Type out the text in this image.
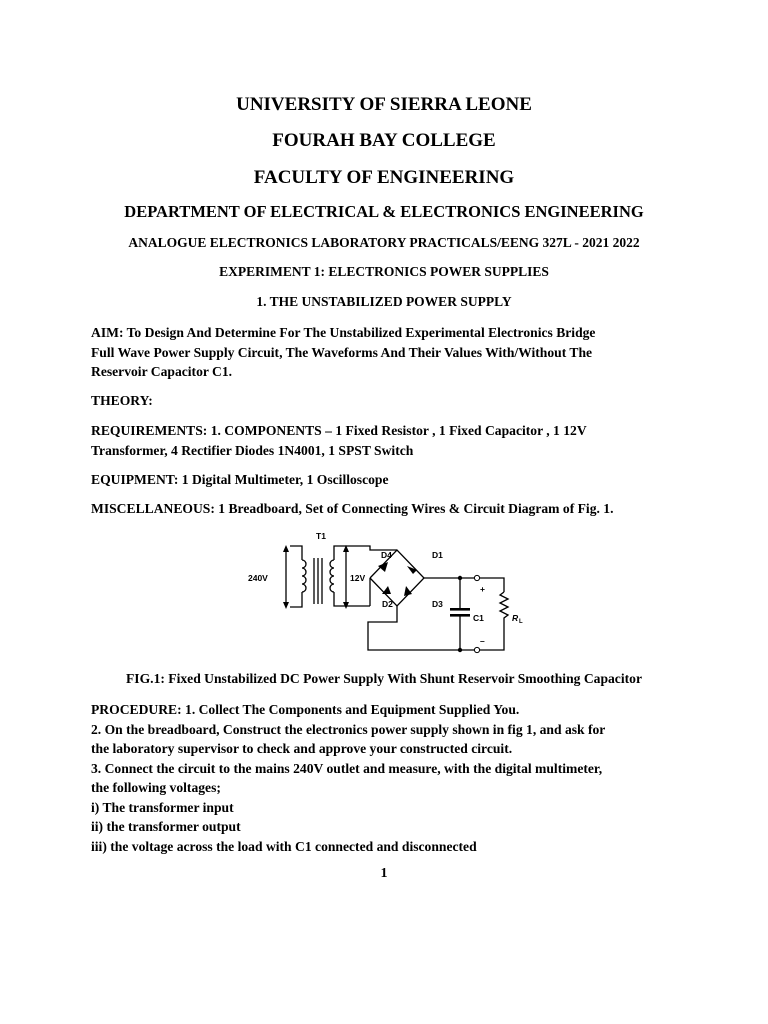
UNIVERSITY OF SIERRA LEONE
FOURAH BAY COLLEGE
FACULTY OF ENGINEERING
DEPARTMENT OF ELECTRICAL & ELECTRONICS ENGINEERING
ANALOGUE ELECTRONICS LABORATORY PRACTICALS/EENG 327L - 2021 2022
EXPERIMENT 1: ELECTRONICS POWER SUPPLIES
1. THE UNSTABILIZED POWER SUPPLY
AIM: To Design And Determine For The Unstabilized Experimental Electronics Bridge
Full Wave Power Supply Circuit, The Waveforms And Their Values With/Without The
Reservoir Capacitor C1.
THEORY:
REQUIREMENTS: 1. COMPONENTS – 1 Fixed Resistor , 1 Fixed Capacitor , 1 12V
Transformer, 4 Rectifier Diodes 1N4001, 1 SPST Switch
EQUIPMENT: 1 Digital Multimeter, 1 Oscilloscope
MISCELLANEOUS: 1 Breadboard, Set of Connecting Wires & Circuit Diagram of Fig. 1.
T1
240V	12V
D4	D1
D2	D3
C1
+
–
R L
FIG.1: Fixed Unstabilized DC Power Supply With Shunt Reservoir Smoothing Capacitor
PROCEDURE: 1. Collect The Components and Equipment Supplied You.
2. On the breadboard, Construct the electronics power supply shown in fig 1, and ask for
the laboratory supervisor to check and approve your constructed circuit.
3. Connect the circuit to the mains 240V outlet and measure, with the digital multimeter,
the following voltages;
i) The transformer input
ii) the transformer output
iii) the voltage across the load with C1 connected and disconnected
1
